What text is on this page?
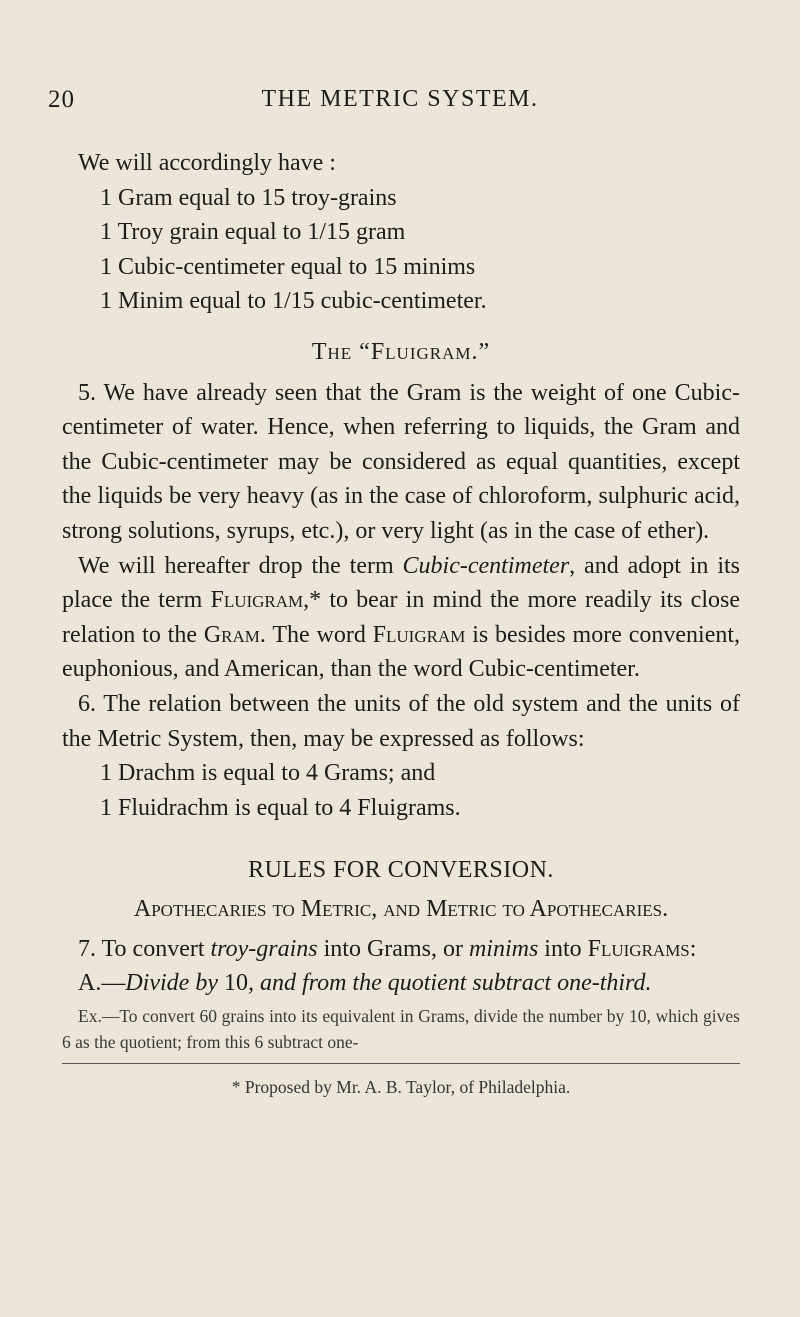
20	THE METRIC SYSTEM.

We will accordingly have :

1 Gram equal to 15 troy-grains

1 Troy grain equal to 1/15 gram

1 Cubic-centimeter equal to 15 minims

1 Minim equal to 1/15 cubic-centimeter.

The “Fluigram.”

5. We have already seen that the Gram is the weight of one Cubic-centimeter of water. Hence, when referring to liquids, the Gram and the Cubic-centimeter may be considered as equal quantities, except the liquids be very heavy (as in the case of chloroform, sulphuric acid, strong solutions, syrups, etc.), or very light (as in the case of ether).

We will hereafter drop the term Cubic-centimeter, and adopt in its place the term Fluigram,* to bear in mind the more readily its close relation to the Gram. The word Fluigram is besides more convenient, euphonious, and American, than the word Cubic-centimeter.

6. The relation between the units of the old system and the units of the Metric System, then, may be expressed as follows:

1 Drachm is equal to 4 Grams; and

1 Fluidrachm is equal to 4 Fluigrams.

RULES FOR CONVERSION.

Apothecaries to Metric, and Metric to Apothecaries.

7. To convert troy-grains into Grams, or minims into Fluigrams:

A.—Divide by 10, and from the quotient subtract one-third.

Ex.—To convert 60 grains into its equivalent in Grams, divide the number by 10, which gives 6 as the quotient; from this 6 subtract one-

* Proposed by Mr. A. B. Taylor, of Philadelphia.
